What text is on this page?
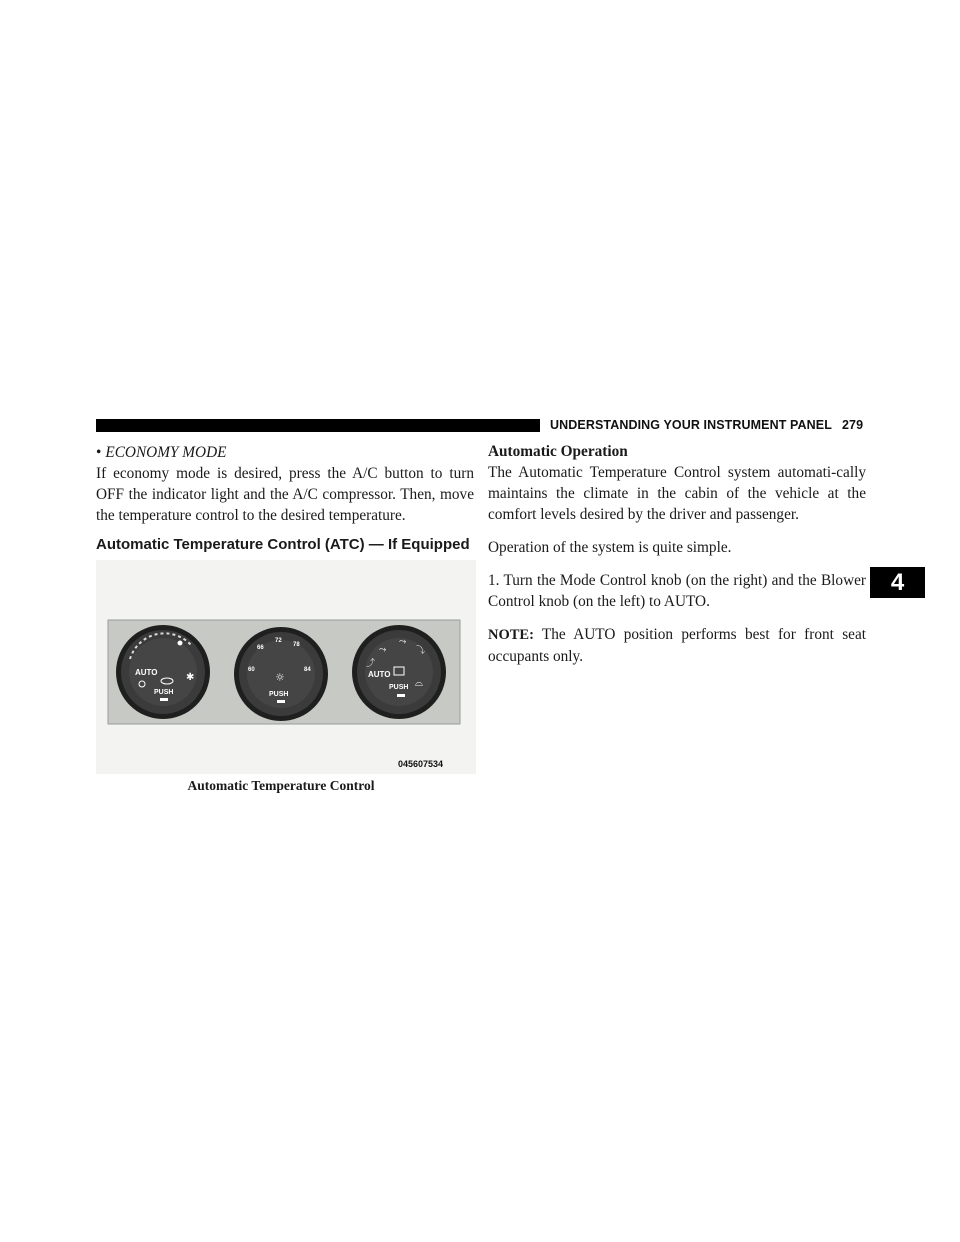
UNDERSTANDING YOUR INSTRUMENT PANEL 279
• ECONOMY MODE

If economy mode is desired, press the A/C button to turn OFF the indicator light and the A/C compressor. Then, move the temperature control to the desired temperature.

Automatic Temperature Control (ATC) — If Equipped
AUTO
PUSH
✱
66
72
78
60	84
☼
PUSH
⤳
⤳
⤵
⤴
AUTO
PUSH ⌓
045607534
Automatic Temperature Control
Automatic Operation

The Automatic Temperature Control system automati-cally maintains the climate in the cabin of the vehicle at the comfort levels desired by the driver and passenger.

Operation of the system is quite simple.

1. Turn the Mode Control knob (on the right) and the Blower Control knob (on the left) to AUTO.

NOTE: The AUTO position performs best for front seat occupants only.

4
